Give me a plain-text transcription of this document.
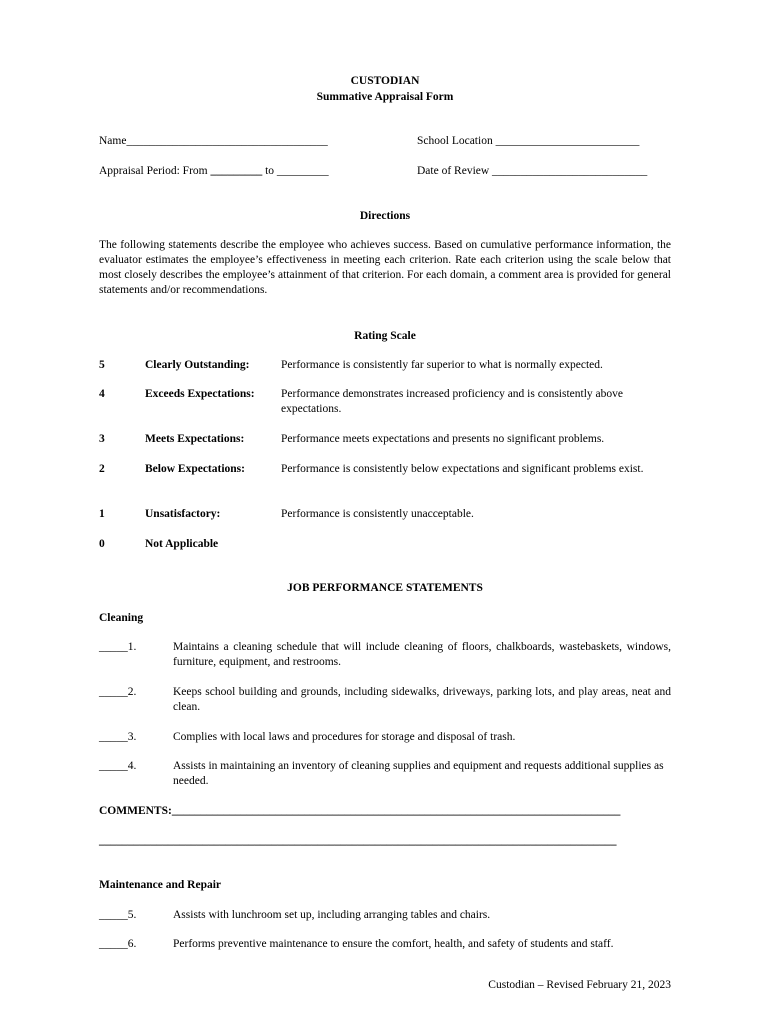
CUSTODIAN
Summative Appraisal Form
Name___________________________________	School Location _________________________
Appraisal Period: From _________ to _________	Date of Review ___________________________
Directions
The following statements describe the employee who achieves success. Based on cumulative performance information, the evaluator estimates the employee’s effectiveness in meeting each criterion. Rate each criterion using the scale below that most closely describes the employee’s attainment of that criterion. For each domain, a comment area is provided for general statements and/or recommendations.
Rating Scale
5	Clearly Outstanding:	Performance is consistently far superior to what is normally expected.
4	Exceeds Expectations: Performance demonstrates increased proficiency and is consistently above expectations.
3	Meets Expectations:	Performance meets expectations and presents no significant problems.
2	Below Expectations:	Performance is consistently below expectations and significant problems exist.
1	Unsatisfactory:	Performance is consistently unacceptable.
0	Not Applicable
JOB PERFORMANCE STATEMENTS
Cleaning
_____1.	Maintains a cleaning schedule that will include cleaning of floors, chalkboards, wastebaskets, windows, furniture, equipment, and restrooms.
_____2.	Keeps school building and grounds, including sidewalks, driveways, parking lots, and play areas, neat and clean.
_____3.	Complies with local laws and procedures for storage and disposal of trash.
_____4.	Assists in maintaining an inventory of cleaning supplies and equipment and requests additional supplies as needed.
COMMENTS:______________________________________________________________________________
__________________________________________________________________________________________
Maintenance and Repair
_____5.	Assists with lunchroom set up, including arranging tables and chairs.
_____6.	Performs preventive maintenance to ensure the comfort, health, and safety of students and staff.
Custodian – Revised February 21, 2023
